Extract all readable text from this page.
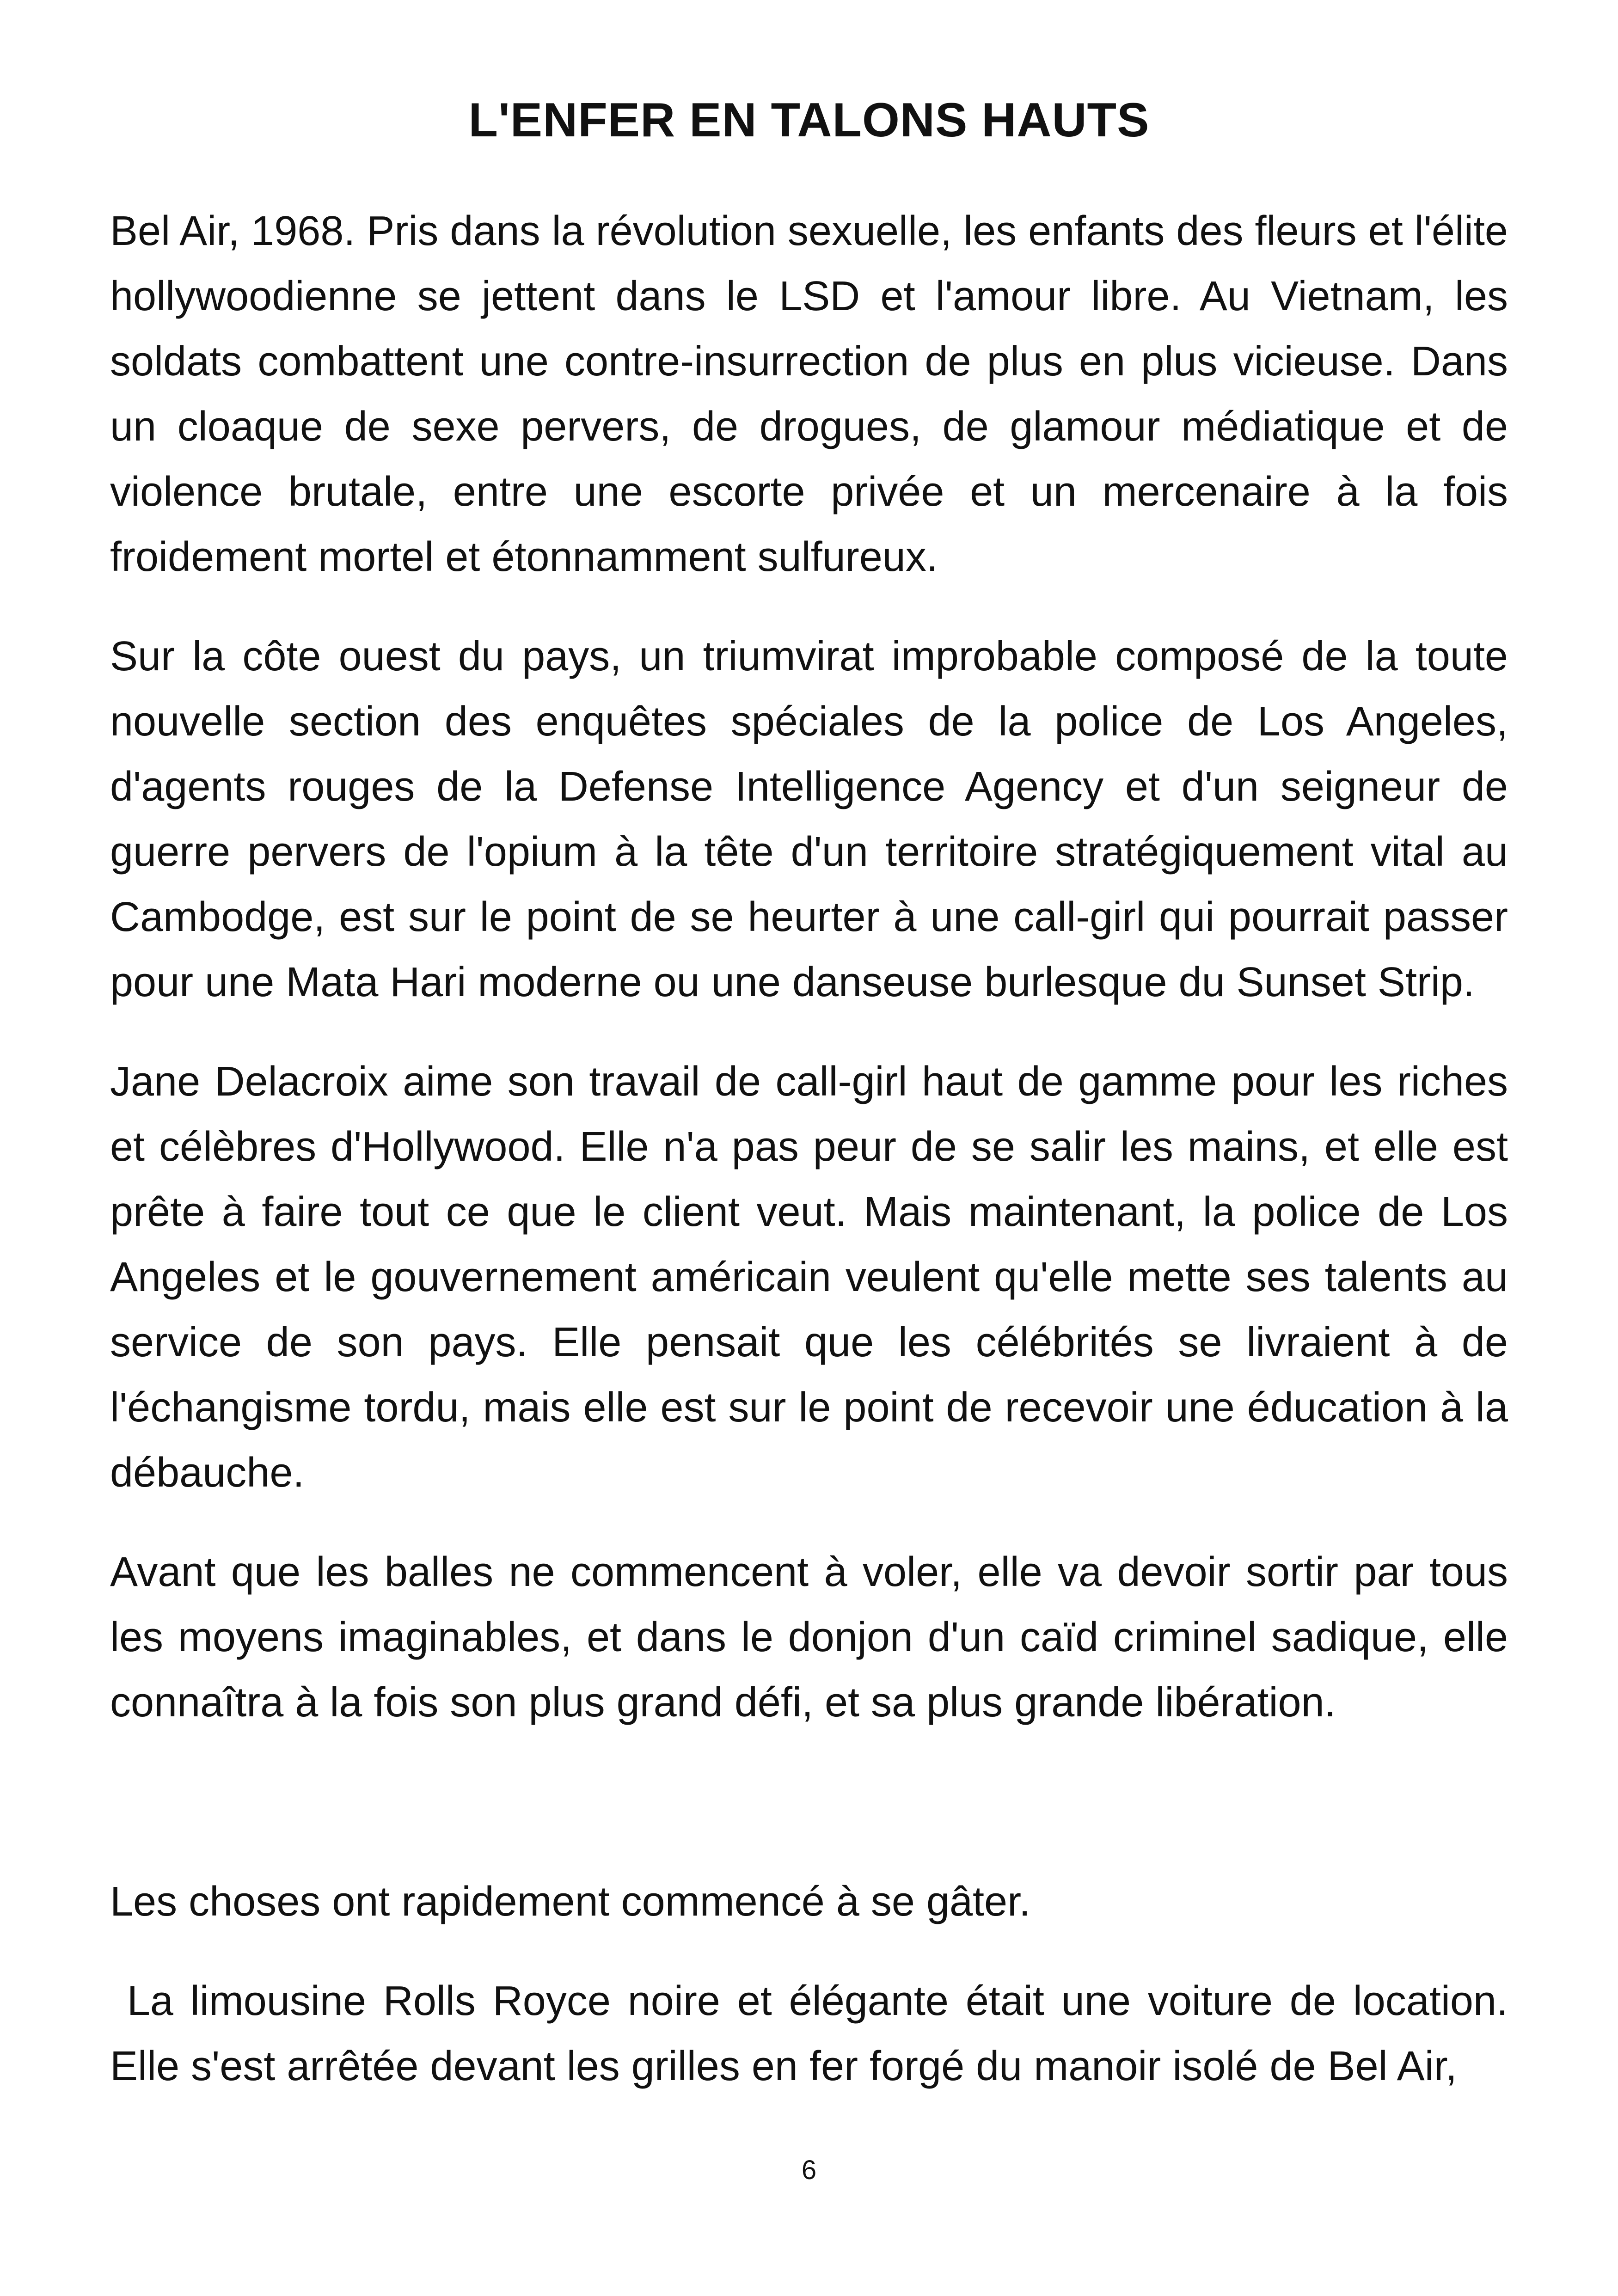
L'ENFER EN TALONS HAUTS

Bel Air, 1968. Pris dans la révolution sexuelle, les enfants des fleurs et l'élite hollywoodienne se jettent dans le LSD et l'amour libre. Au Vietnam, les soldats combattent une contre-insurrection de plus en plus vicieuse. Dans un cloaque de sexe pervers, de drogues, de glamour médiatique et de violence brutale, entre une escorte privée et un mercenaire à la fois froidement mortel et étonnamment sulfureux.

Sur la côte ouest du pays, un triumvirat improbable composé de la toute nouvelle section des enquêtes spéciales de la police de Los Angeles, d'agents rouges de la Defense Intelligence Agency et d'un seigneur de guerre pervers de l'opium à la tête d'un territoire stratégiquement vital au Cambodge, est sur le point de se heurter à une call-girl qui pourrait passer pour une Mata Hari moderne ou une danseuse burlesque du Sunset Strip.

Jane Delacroix aime son travail de call-girl haut de gamme pour les riches et célèbres d'Hollywood. Elle n'a pas peur de se salir les mains, et elle est prête à faire tout ce que le client veut. Mais maintenant, la police de Los Angeles et le gouvernement américain veulent qu'elle mette ses talents au service de son pays. Elle pensait que les célébrités se livraient à de l'échangisme tordu, mais elle est sur le point de recevoir une éducation à la débauche.

Avant que les balles ne commencent à voler, elle va devoir sortir par tous les moyens imaginables, et dans le donjon d'un caïd criminel sadique, elle connaîtra à la fois son plus grand défi, et sa plus grande libération.

Les choses ont rapidement commencé à se gâter.

La limousine Rolls Royce noire et élégante était une voiture de location. Elle s'est arrêtée devant les grilles en fer forgé du manoir isolé de Bel Air,

6
